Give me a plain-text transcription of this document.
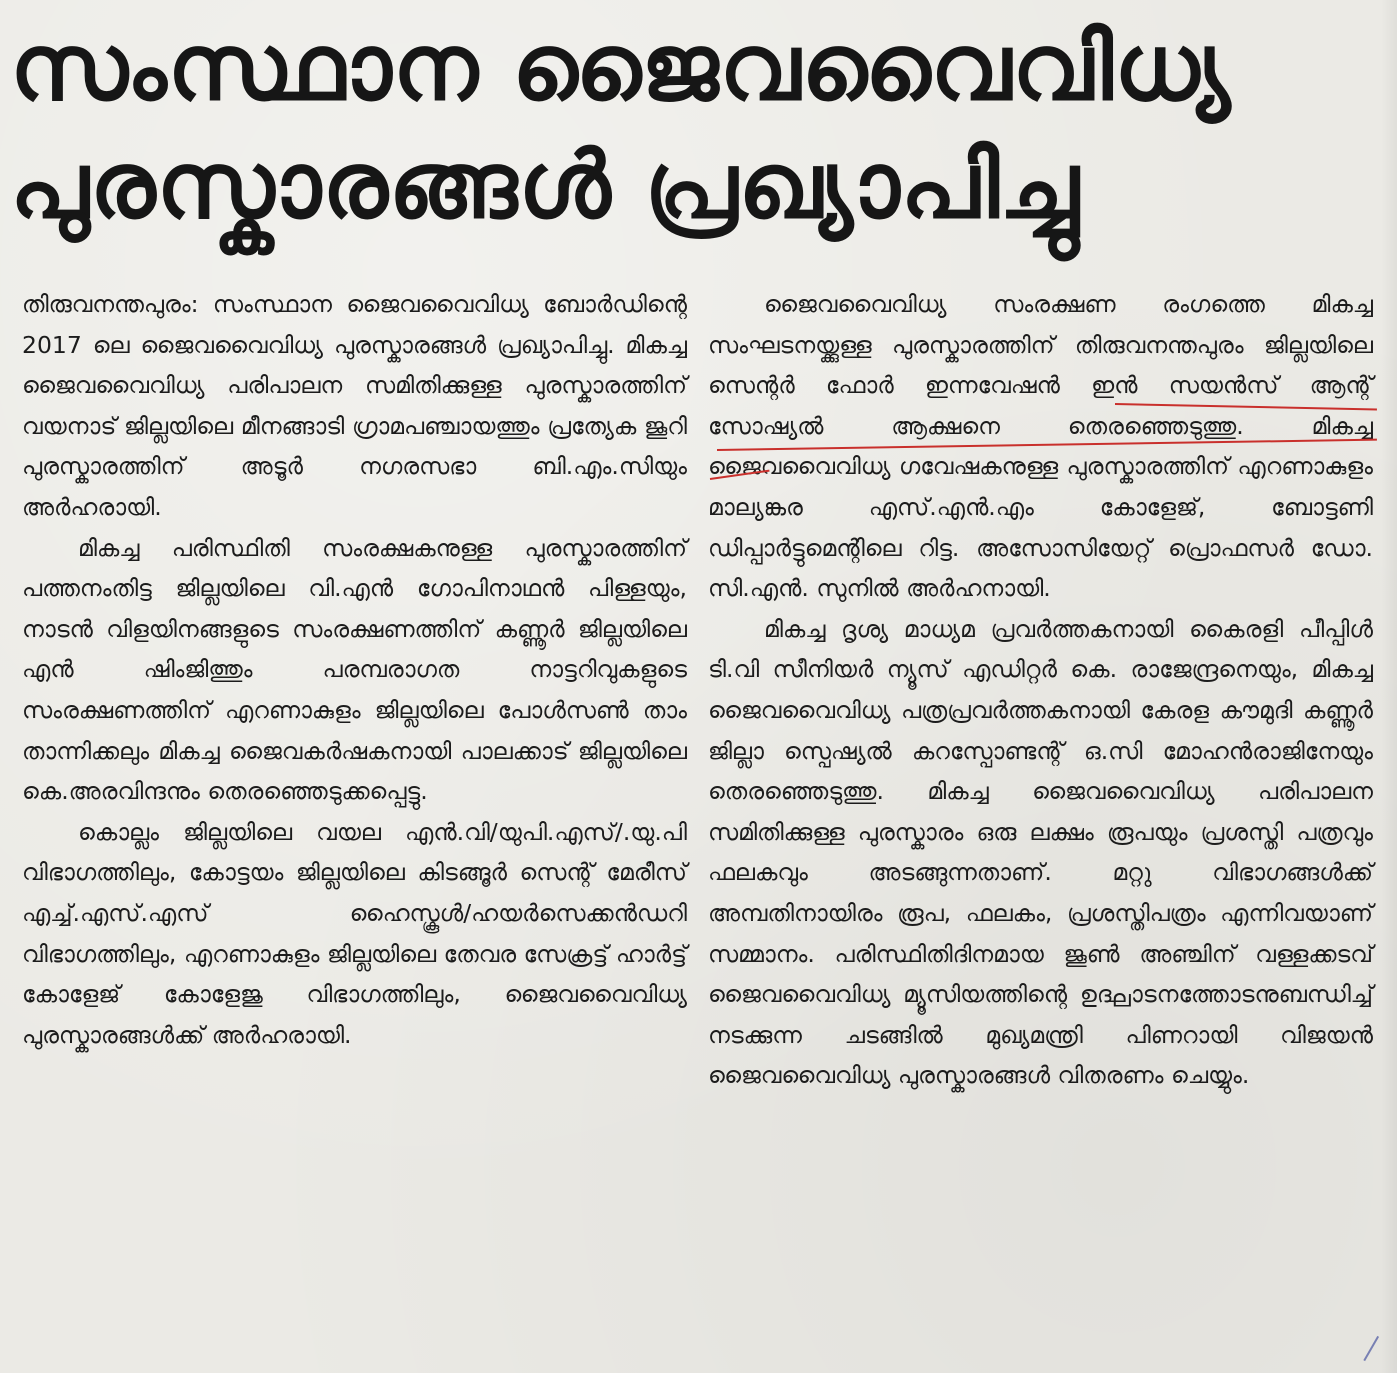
സംസ്ഥാന ജൈവവൈവിധ്യ
പുരസ്കാരങ്ങൾ പ്രഖ്യാപിച്ചു

തിരുവനന്തപുരം: സംസ്ഥാന ജൈവവൈവിധ്യ ബോർഡിന്റെ 2017 ലെ ജൈവവൈവിധ്യ പുരസ്കാരങ്ങൾ പ്രഖ്യാപിച്ചു. മികച്ച ജൈവവൈവിധ്യ പരിപാലന സമിതിക്കുള്ള പുരസ്കാരത്തിന് വയനാട് ജില്ലയിലെ മീനങ്ങാടി ഗ്രാമപഞ്ചായത്തും പ്രത്യേക ജൂറി പുരസ്കാരത്തിന് അടൂർ നഗരസഭാ ബി.എം.സിയും അർഹരായി.

മികച്ച പരിസ്ഥിതി സംരക്ഷകനുള്ള പുരസ്കാരത്തിന് പത്തനംതിട്ട ജില്ലയിലെ വി.എൻ ഗോപിനാഥൻ പിള്ളയും, നാടൻ വിളയിനങ്ങളുടെ സംരക്ഷണത്തിന് കണ്ണൂർ ജില്ലയിലെ എൻ ഷിംജിത്തും പരമ്പരാഗത നാട്ടറിവുകളുടെ സംരക്ഷണത്തിന് എറണാകുളം ജില്ലയിലെ പോൾസൺ താം താന്നിക്കലും മികച്ച ജൈവകർഷകനായി പാലക്കാട് ജില്ലയിലെ കെ.അരവിന്ദനും തെരഞ്ഞെടുക്കപ്പെട്ടു.

കൊല്ലം ജില്ലയിലെ വയല എൻ.വി/യുപി.എസ്/.യു.പി വിഭാഗത്തിലും, കോട്ടയം ജില്ലയിലെ കിടങ്ങൂർ സെന്റ് മേരീസ് എച്ച്.എസ്.എസ് ഹൈസ്കൂൾ/ഹയർസെക്കൻഡറി വിഭാഗത്തിലും, എറണാകുളം ജില്ലയിലെ തേവര സേക്രട്ട് ഹാർട്ട് കോളേജ് കോളേജു വിഭാഗത്തിലും, ജൈവവൈവിധ്യ പുരസ്കാരങ്ങൾക്ക് അർഹരായി.

ജൈവവൈവിധ്യ സംരക്ഷണ രംഗത്തെ മികച്ച സംഘടനയ്ക്കുള്ള പുരസ്കാരത്തിന് തിരുവനന്തപുരം ജില്ലയിലെ സെന്റർ ഫോർ ഇന്നവേഷൻ ഇൻ സയൻസ് ആന്റ് സോഷ്യൽ ആക്ഷനെ തെരഞ്ഞെടുത്തു. മികച്ച ജൈവവൈവിധ്യ ഗവേഷകനുള്ള പുരസ്കാരത്തിന് എറണാകുളം മാല്യങ്കര എസ്.എൻ.എം കോളേജ്, ബോട്ടണി ഡിപ്പാർട്ടുമെന്റിലെ റിട്ട. അസോസിയേറ്റ് പ്രൊഫസർ ഡോ. സി.എൻ. സുനിൽ അർഹനായി.

മികച്ച ദൃശ്യ മാധ്യമ പ്രവർത്തകനായി കൈരളി പീപ്പിൾ ടി.വി സീനിയർ ന്യൂസ് എഡിറ്റർ കെ. രാജേന്ദ്രനെയും, മികച്ച ജൈവവൈവിധ്യ പത്രപ്രവർത്തകനായി കേരള കൗമുദി കണ്ണൂർ ജില്ലാ സ്പെഷ്യൽ കറസ്പോണ്ടന്റ് ഒ.സി മോഹൻരാജിനേയും തെരഞ്ഞെടുത്തു. മികച്ച ജൈവവൈവിധ്യ പരിപാലന സമിതിക്കുള്ള പുരസ്കാരം ഒരു ലക്ഷം രൂപയും പ്രശസ്തി പത്രവും ഫലകവും അടങ്ങുന്നതാണ്. മറ്റു വിഭാഗങ്ങൾക്ക് അമ്പതിനായിരം രൂപ, ഫലകം, പ്രശസ്തിപത്രം എന്നിവയാണ് സമ്മാനം. പരിസ്ഥിതിദിനമായ ജൂൺ അഞ്ചിന് വള്ളക്കടവ് ജൈവവൈവിധ്യ മ്യൂസിയത്തിന്റെ ഉദ്ഘാടനത്തോടനുബന്ധിച്ച് നടക്കുന്ന ചടങ്ങിൽ മുഖ്യമന്ത്രി പിണറായി വിജയൻ ജൈവവൈവിധ്യ പുരസ്കാരങ്ങൾ വിതരണം ചെയ്യും.
